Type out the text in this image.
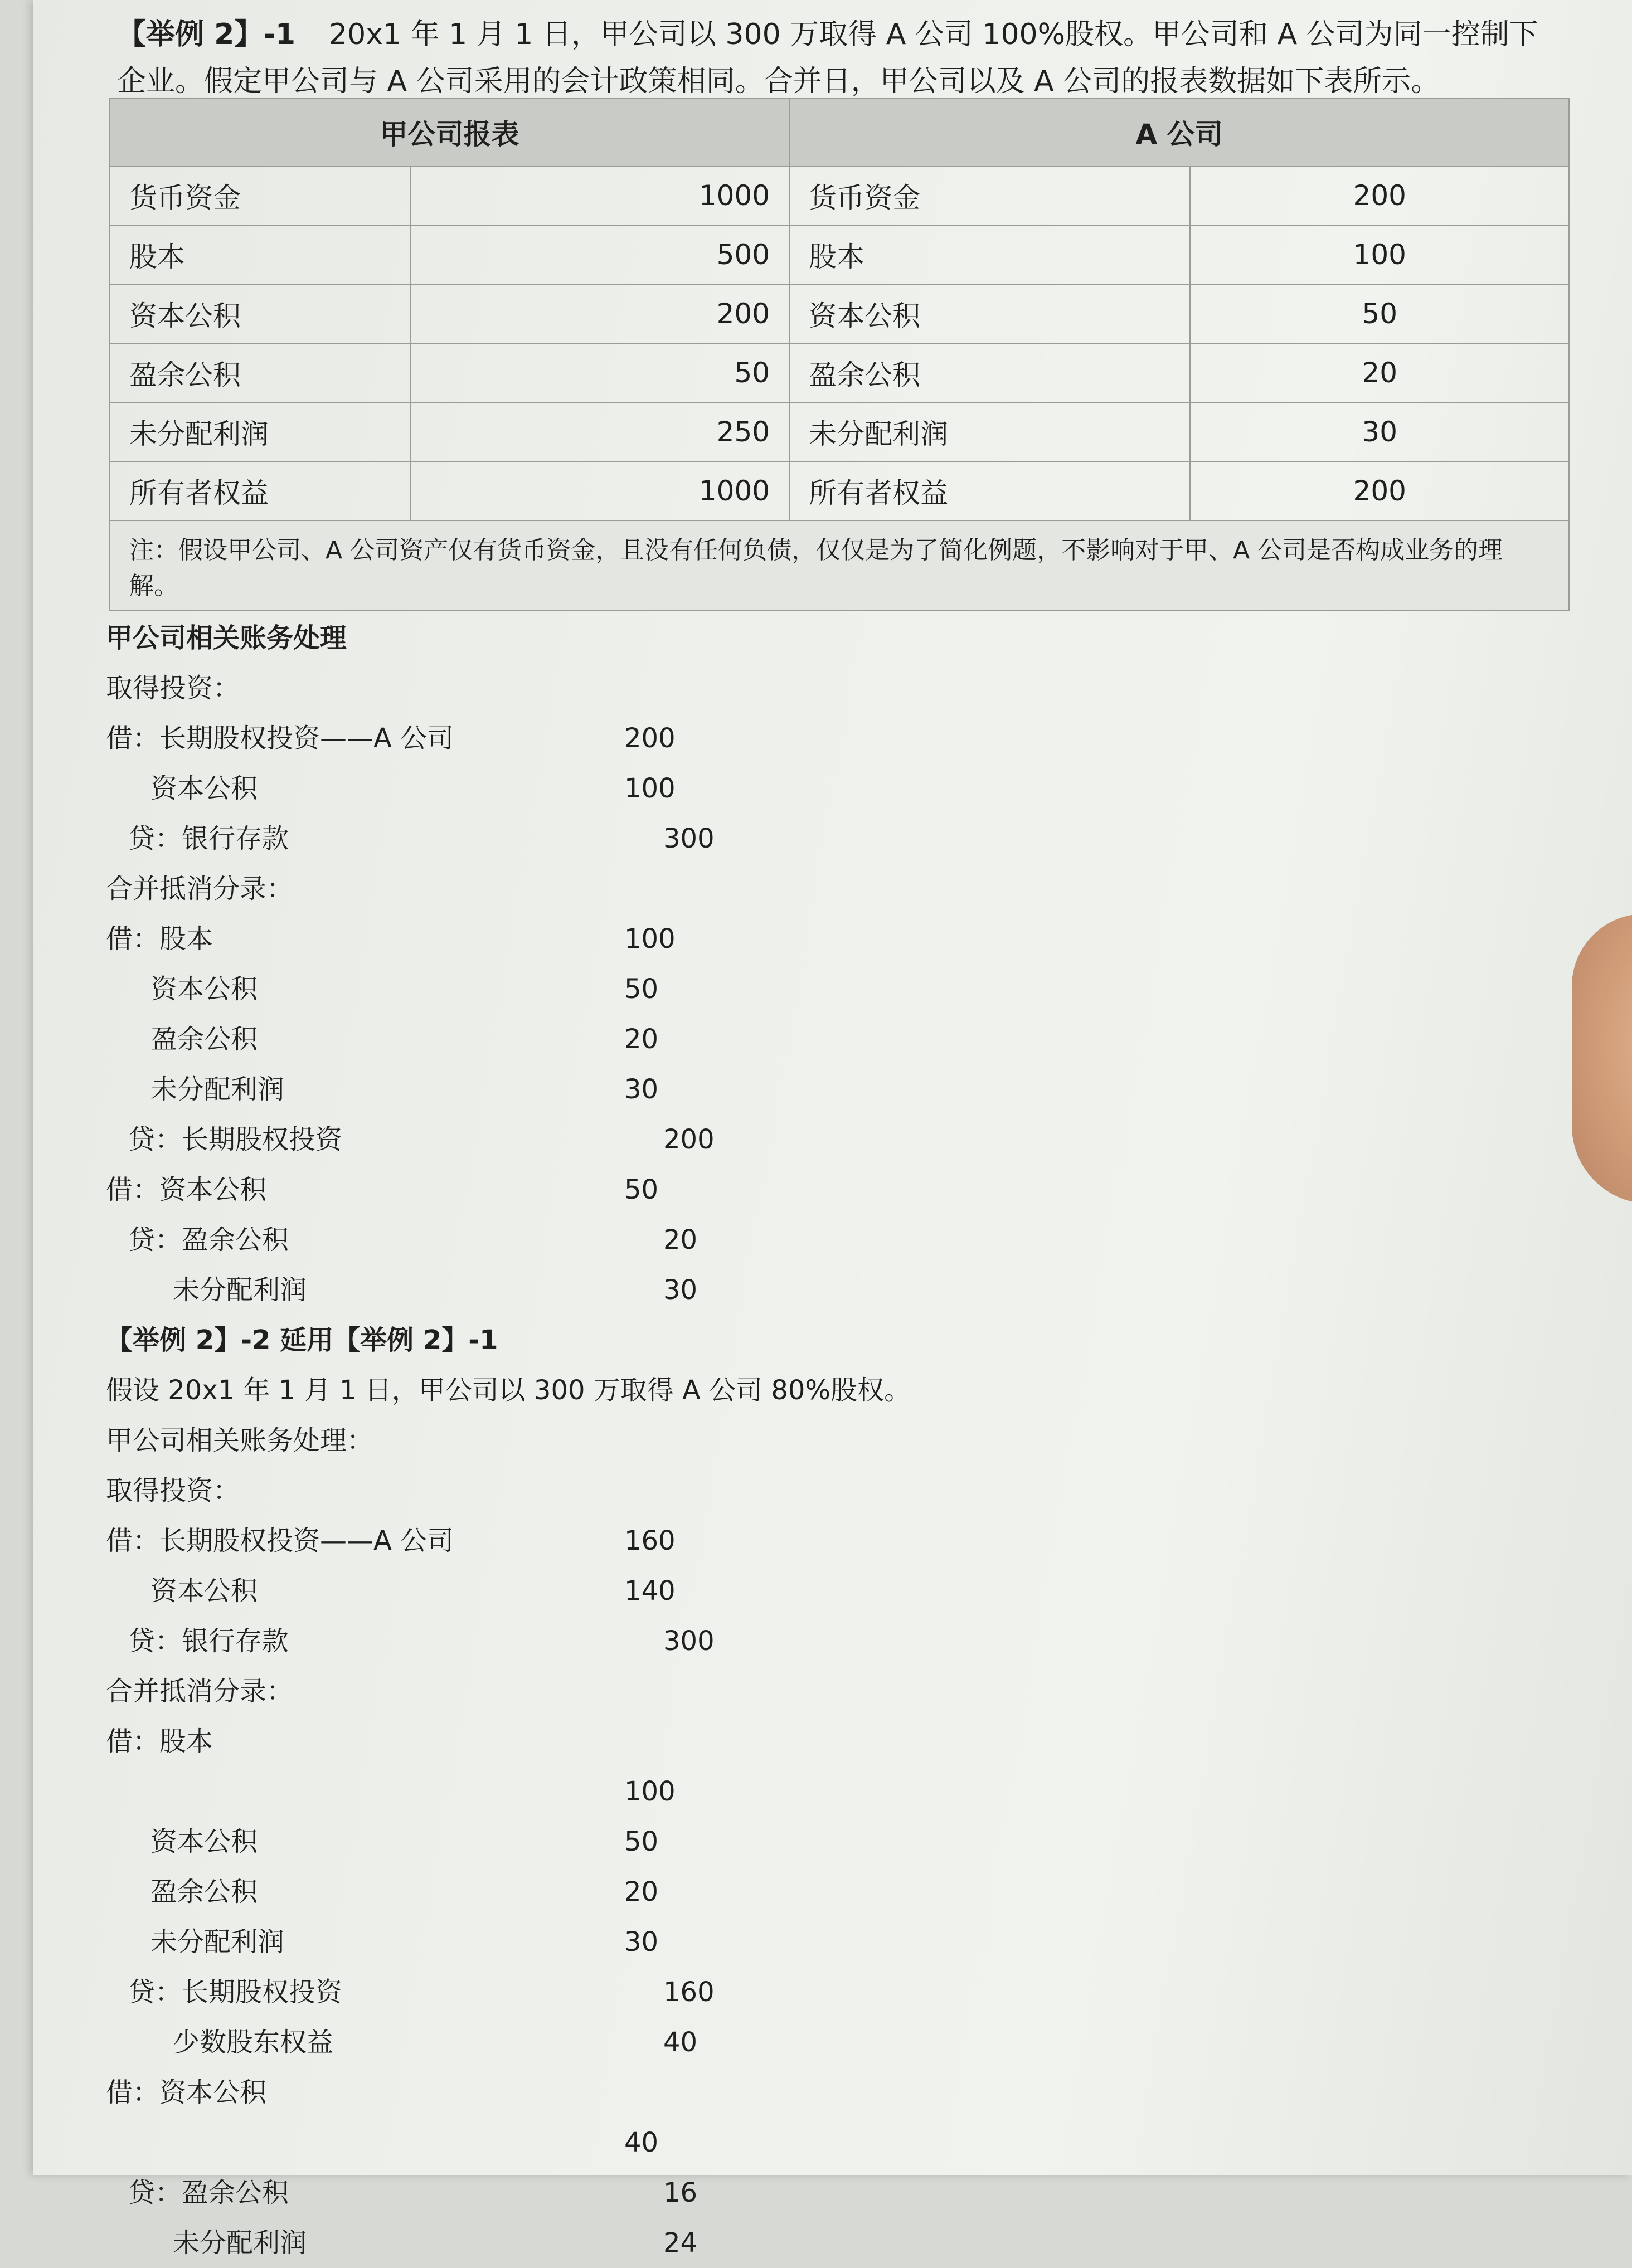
【举例 2】-1 20x1 年 1 月 1 日，甲公司以 300 万取得 A 公司 100%股权。甲公司和 A 公司为同一控制下企业。假定甲公司与 A 公司采用的会计政策相同。合并日，甲公司以及 A 公司的报表数据如下表所示。
甲公司报表		A 公司	
货币资金	1000	货币资金	200
股本	500	股本	100
资本公积	200	资本公积	50
盈余公积	50	盈余公积	20
未分配利润	250	未分配利润	30
所有者权益	1000	所有者权益	200
注：假设甲公司、A 公司资产仅有货币资金，且没有任何负债，仅仅是为了简化例题，不影响对于甲、A 公司是否构成业务的理解。			
甲公司相关账务处理
取得投资：
借：长期股权投资——A 公司	200
资本公积	100
贷：银行存款	300
合并抵消分录：
借：股本	100
资本公积	50
盈余公积	20
未分配利润	30
贷：长期股权投资	200
借：资本公积	50
贷：盈余公积	20
未分配利润	30
【举例 2】-2 延用【举例 2】-1
假设 20x1 年 1 月 1 日，甲公司以 300 万取得 A 公司 80%股权。
甲公司相关账务处理：
取得投资：
借：长期股权投资——A 公司	160
资本公积	140
贷：银行存款	300
合并抵消分录：
借：股本
100
资本公积	50
盈余公积	20
未分配利润	30
贷：长期股权投资	160
少数股东权益	40
借：资本公积
40
贷：盈余公积	16
未分配利润	24
